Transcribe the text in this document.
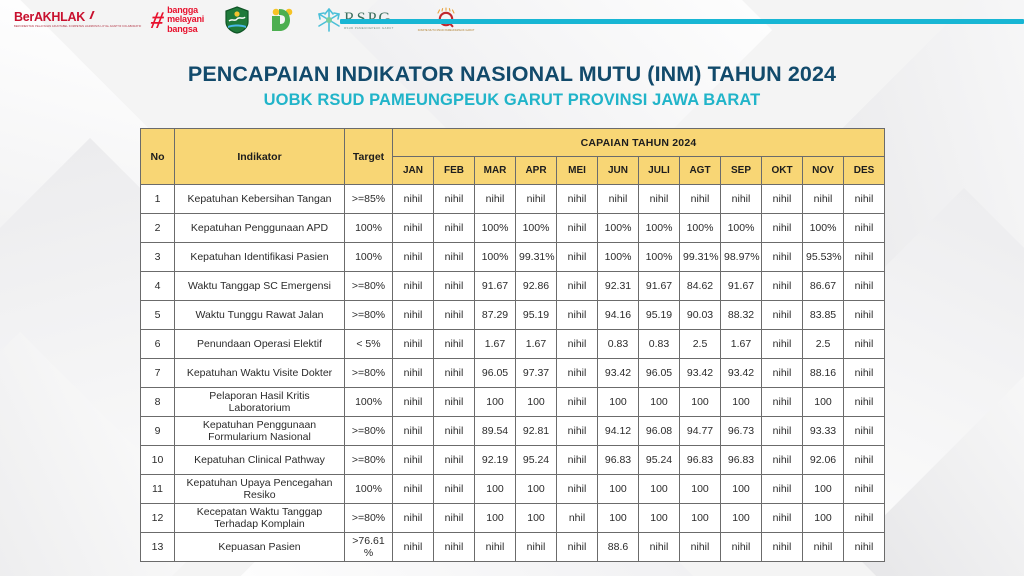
BerAKHLAK
BERORIENTASI PELAYANAN AKUNTABEL KOMPETEN HARMONIS LOYAL ADAPTIF KOLABORATIF # bangga
melayani
bangsa	RSUD PAMEUNGPEUK GARUT
KOMITE MUTU RSUD PAMEUNGPEUK GARUT
PENCAPAIAN INDIKATOR NASIONAL MUTU (INM) TAHUN 2024
UOBK RSUD PAMEUNGPEUK GARUT PROVINSI JAWA BARAT
No	Indikator	Target	CAPAIAN TAHUN 2024											
			JAN	FEB	MAR	APR	MEI	JUN	JULI	AGT	SEP	OKT	NOV	DES
1	Kepatuhan Kebersihan Tangan	>=85%	nihil	nihil	nihil	nihil	nihil	nihil	nihil	nihil	nihil	nihil	nihil	nihil
2	Kepatuhan Penggunaan APD	100%	nihil	nihil	100%	100%	nihil	100%	100%	100%	100%	nihil	100%	nihil
3	Kepatuhan Identifikasi Pasien	100%	nihil	nihil	100%	99.31%	nihil	100%	100%	99.31%	98.97%	nihil	95.53%	nihil
4	Waktu Tanggap SC Emergensi	>=80%	nihil	nihil	91.67	92.86	nihil	92.31	91.67	84.62	91.67	nihil	86.67	nihil
5	Waktu Tunggu Rawat Jalan	>=80%	nihil	nihil	87.29	95.19	nihil	94.16	95.19	90.03	88.32	nihil	83.85	nihil
6	Penundaan Operasi Elektif	< 5%	nihil	nihil	1.67	1.67	nihil	0.83	0.83	2.5	1.67	nihil	2.5	nihil
7	Kepatuhan Waktu Visite Dokter	>=80%	nihil	nihil	96.05	97.37	nihil	93.42	96.05	93.42	93.42	nihil	88.16	nihil
8	Pelaporan Hasil Kritis Laboratorium	100%	nihil	nihil	100	100	nihil	100	100	100	100	nihil	100	nihil
9	Kepatuhan Penggunaan Formularium Nasional	>=80%	nihil	nihil	89.54	92.81	nihil	94.12	96.08	94.77	96.73	nihil	93.33	nihil
10	Kepatuhan Clinical Pathway	>=80%	nihil	nihil	92.19	95.24	nihil	96.83	95.24	96.83	96.83	nihil	92.06	nihil
11	Kepatuhan Upaya Pencegahan Resiko	100%	nihil	nihil	100	100	nihil	100	100	100	100	nihil	100	nihil
12	Kecepatan Waktu Tanggap Terhadap Komplain	>=80%	nihil	nihil	100	100	nhil	100	100	100	100	nihil	100	nihil
13	Kepuasan Pasien	>76.61 %	nihil	nihil	nihil	nihil	nihil	88.6	nihil	nihil	nihil	nihil	nihil	nihil
